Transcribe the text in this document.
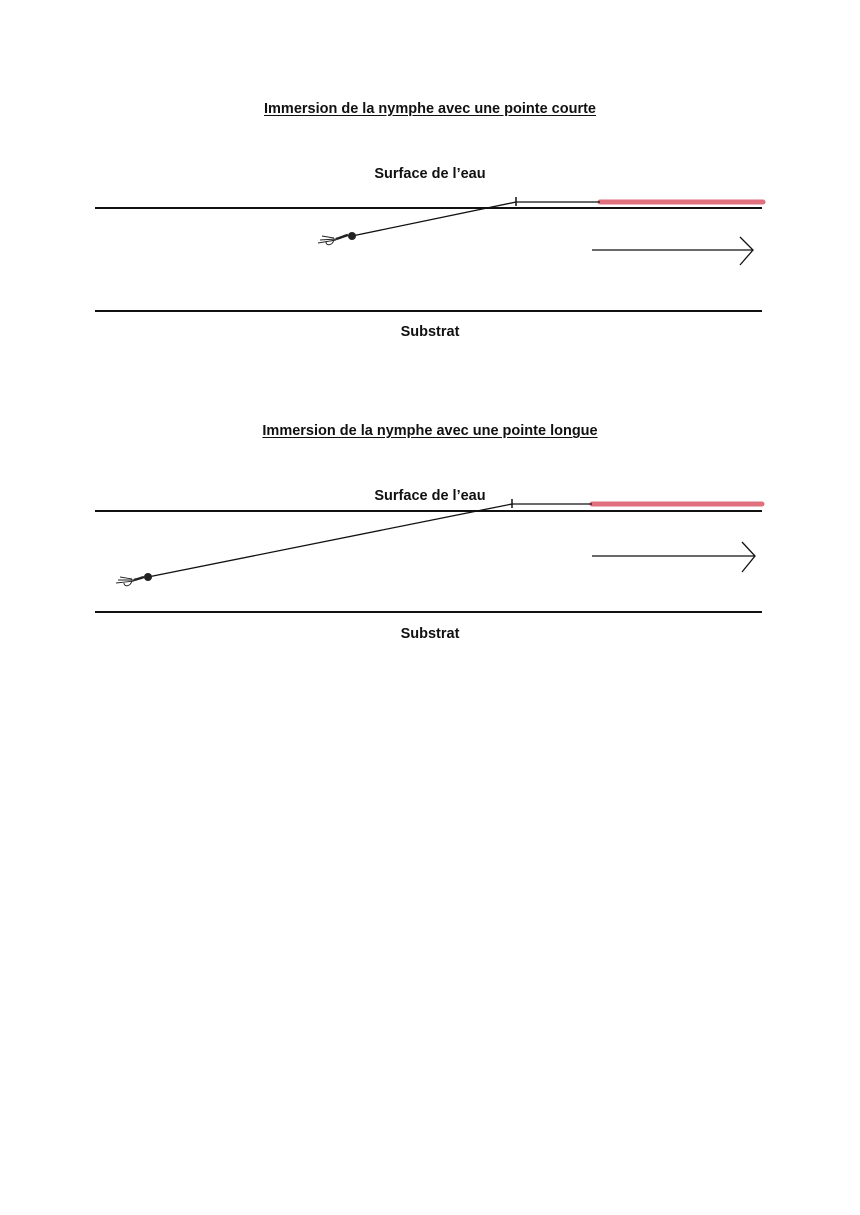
Immersion de la nymphe avec une pointe courte
Surface de l’eau
Substrat
Immersion de la nymphe avec une pointe longue
Surface de l’eau
Substrat
